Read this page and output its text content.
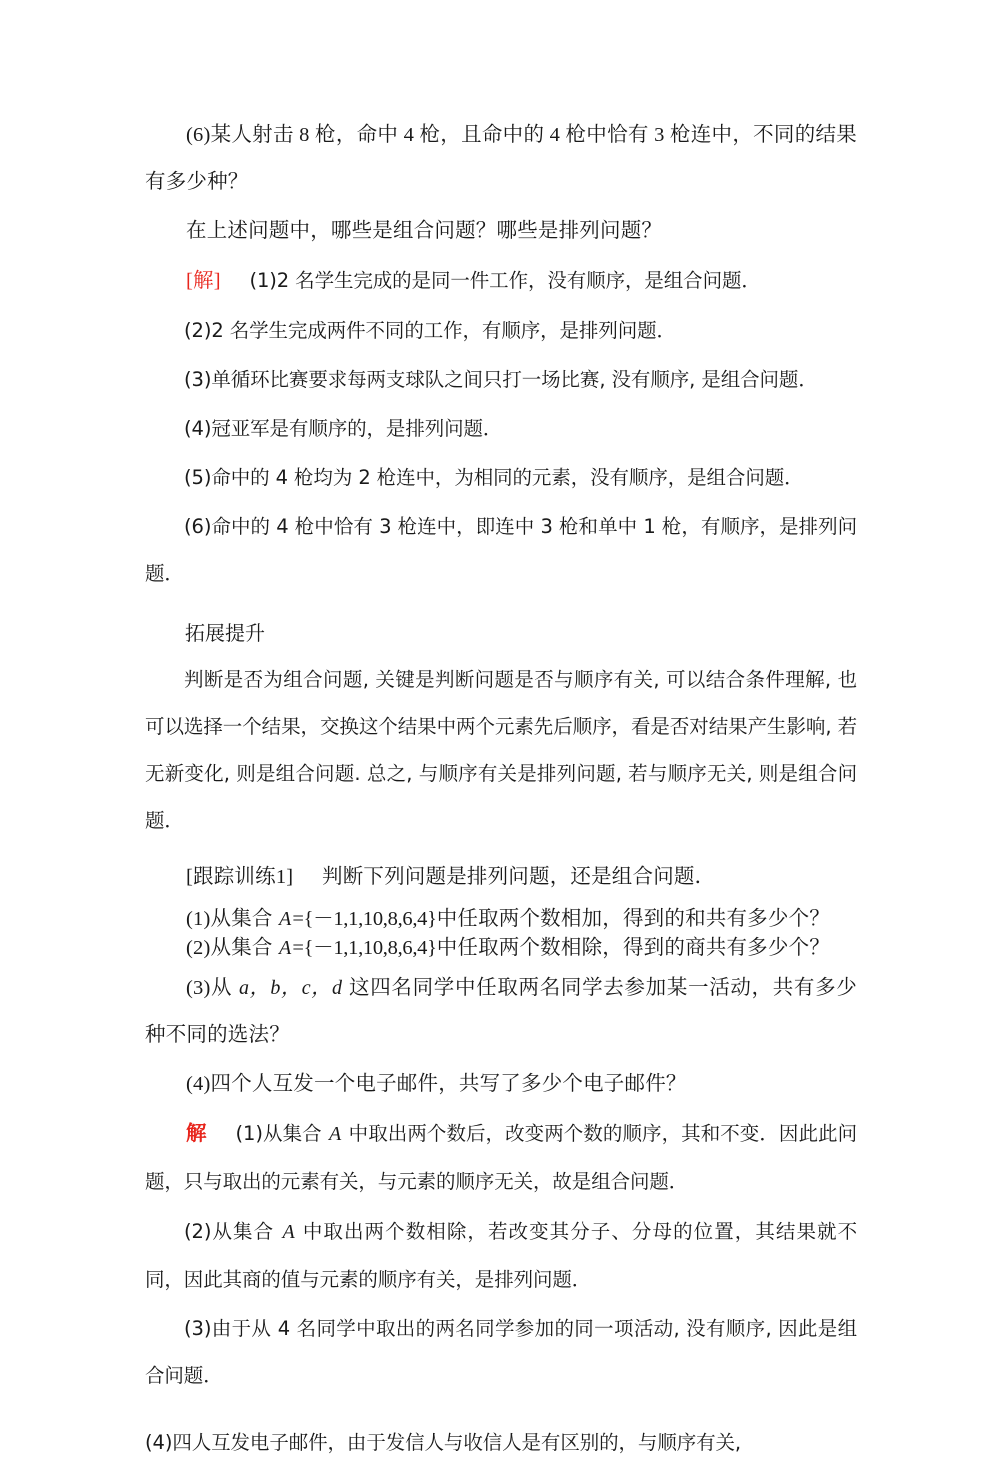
(6)某人射击 8 枪，命中 4 枪，且命中的 4 枪中恰有 3 枪连中，不同的结果有多少种？

在上述问题中，哪些是组合问题？哪些是排列问题？

[解] (1)2 名学生完成的是同一件工作，没有顺序，是组合问题．

(2)2 名学生完成两件不同的工作，有顺序，是排列问题．

(3)单循环比赛要求每两支球队之间只打一场比赛, 没有顺序, 是组合问题．

(4)冠亚军是有顺序的，是排列问题．

(5)命中的 4 枪均为 2 枪连中，为相同的元素，没有顺序，是组合问题．

(6)命中的 4 枪中恰有 3 枪连中，即连中 3 枪和单中 1 枪，有顺序，是排列问题．

拓展提升

判断是否为组合问题, 关键是判断问题是否与顺序有关, 可以结合条件理解, 也可以选择一个结果，交换这个结果中两个元素先后顺序，看是否对结果产生影响, 若无新变化, 则是组合问题. 总之, 与顺序有关是排列问题, 若与顺序无关, 则是组合问题．

[跟踪训练1] 判断下列问题是排列问题，还是组合问题．

(1)从集合 A={－1,1,10,8,6,4}中任取两个数相加，得到的和共有多少个？

(2)从集合 A={－1,1,10,8,6,4}中任取两个数相除，得到的商共有多少个？

(3)从 a，b，c，d 这四名同学中任取两名同学去参加某一活动，共有多少种不同的选法？

(4)四个人互发一个电子邮件，共写了多少个电子邮件？

解 (1)从集合 A 中取出两个数后，改变两个数的顺序，其和不变．因此此问题，只与取出的元素有关，与元素的顺序无关，故是组合问题．

(2)从集合 A 中取出两个数相除，若改变其分子、分母的位置，其结果就不同，因此其商的值与元素的顺序有关，是排列问题．

(3)由于从 4 名同学中取出的两名同学参加的同一项活动, 没有顺序, 因此是组合问题．

(4)四人互发电子邮件，由于发信人与收信人是有区别的，与顺序有关,
